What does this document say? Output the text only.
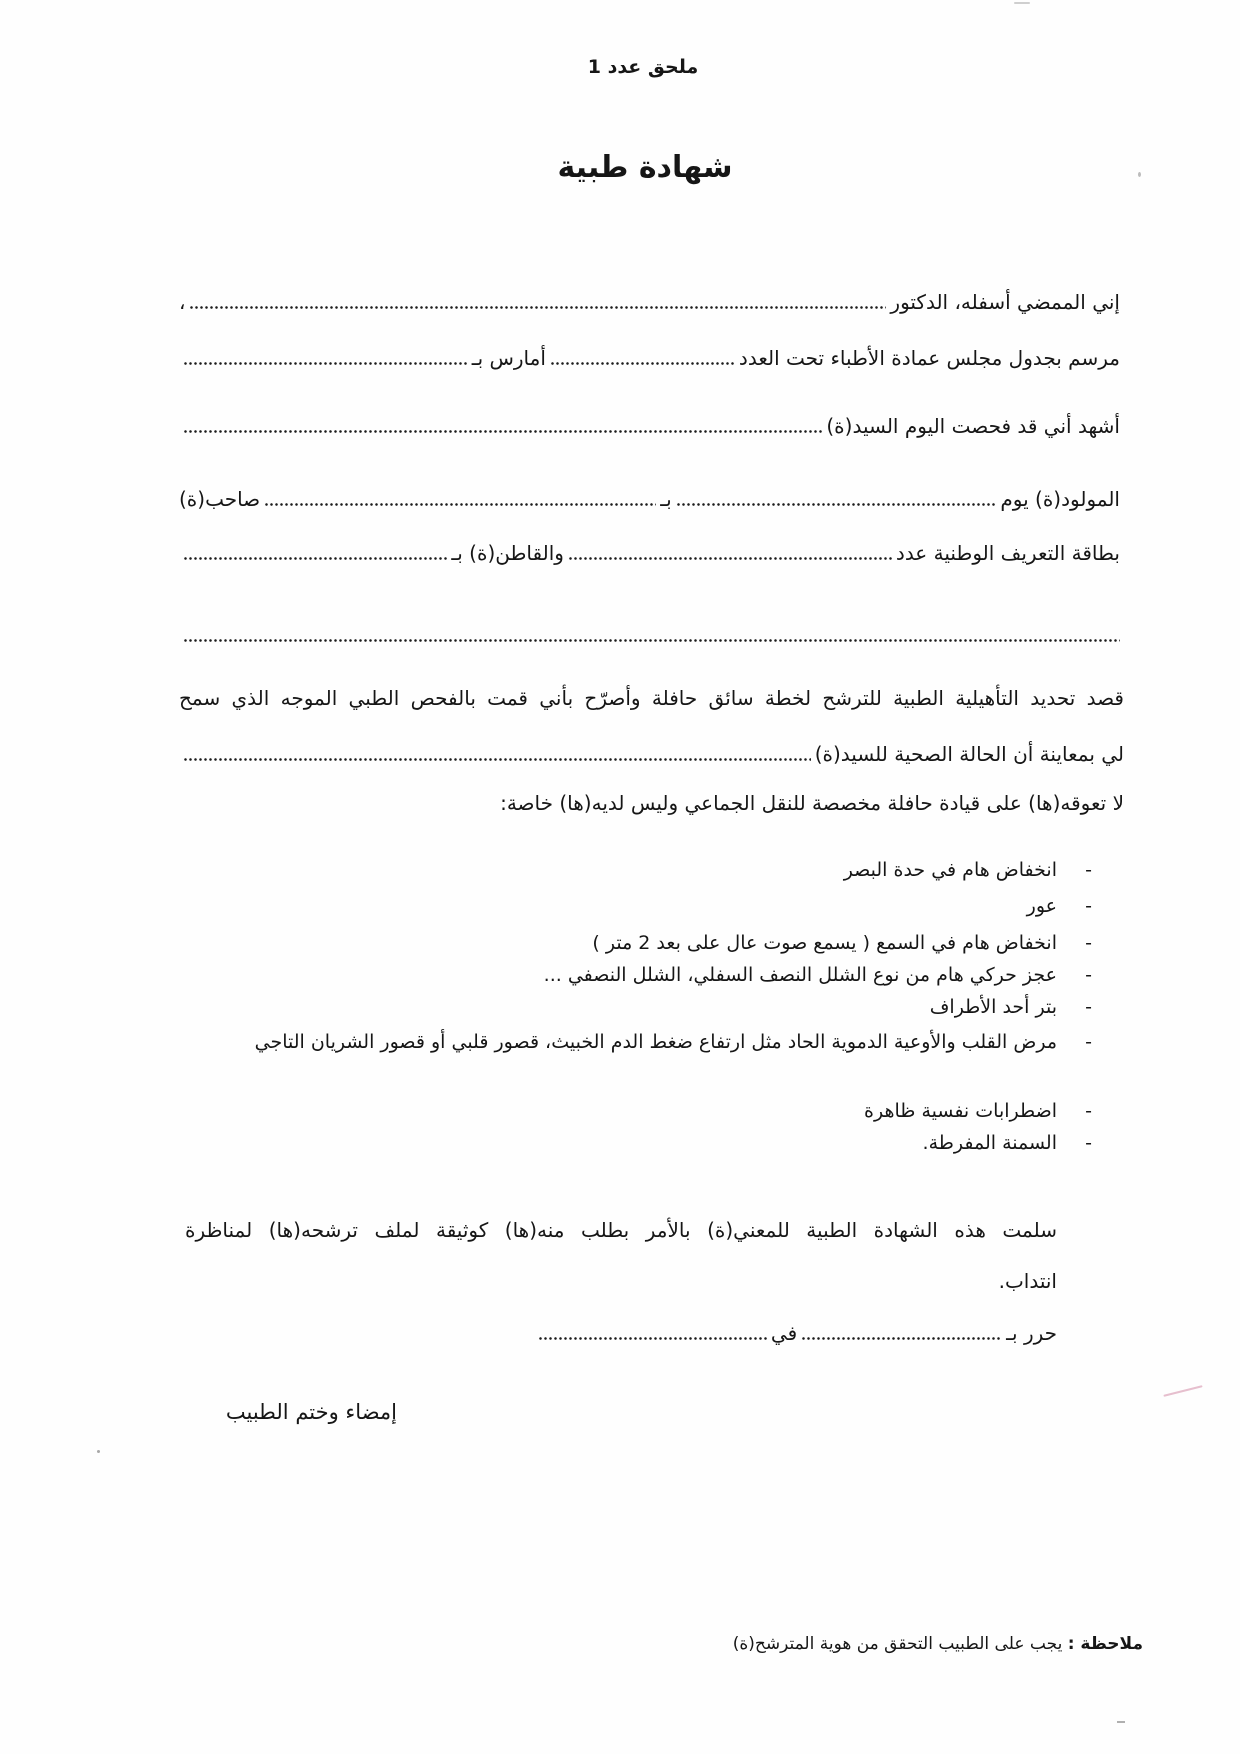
ملحق عدد 1
شهادة طبية
إني الممضي أسفله، الدكتور
،
مرسم بجدول مجلس عمادة الأطباء تحت العدد
أمارس بـ
أشهد أني قد فحصت اليوم السيد(ة)
المولود(ة) يوم
بـ
صاحب(ة)
بطاقة التعريف الوطنية عدد
والقاطن(ة) بـ
قصد تحديد التأهيلية الطبية للترشح لخطة سائق حافلة وأصرّح بأني قمت بالفحص الطبي الموجه الذي سمح
لي بمعاينة أن الحالة الصحية للسيد(ة)
لا تعوقه(ها) على قيادة حافلة مخصصة للنقل الجماعي وليس لديه(ها) خاصة:
-
انخفاض هام في حدة البصر
-
عور
-
انخفاض هام في السمع ( يسمع صوت عال على بعد 2 متر )
-
عجز حركي هام من نوع الشلل النصف السفلي، الشلل النصفي ...
-
بتر أحد الأطراف
-
مرض القلب والأوعية الدموية الحاد مثل ارتفاع ضغط الدم الخبيث، قصور قلبي أو قصور الشريان التاجي
-
اضطرابات نفسية ظاهرة
-
السمنة المفرطة.
سلمت هذه الشهادة الطبية للمعني(ة) بالأمر بطلب منه(ها) كوثيقة لملف ترشحه(ها) لمناظرة
انتداب.
حرر بـ
في
إمضاء وختم الطبيب
ملاحظة : يجب على الطبيب التحقق من هوية المترشح(ة)
